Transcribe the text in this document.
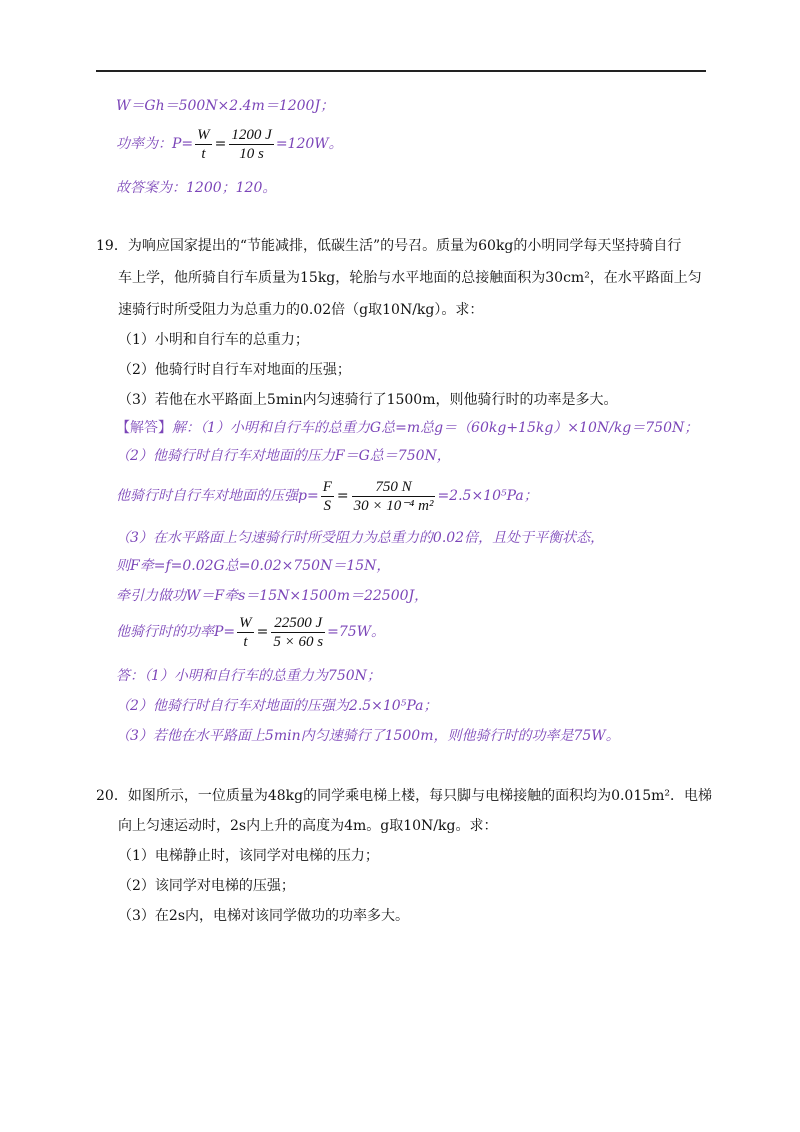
W＝Gh＝500N×2.4m＝1200J；
功率为：$P= \frac{W}{t} = \frac{1200 J}{10 s} =120W$。
故答案为：1200；120。
19．为响应国家提出的“节能减排，低碳生活”的号召。质量为60kg的小明同学每天坚持骑自行
车上学，他所骑自行车质量为15kg，轮胎与水平地面的总接触面积为30cm²，在水平路面上匀
速骑行时所受阻力为总重力的0.02倍（g取10N/kg）。求：
（1）小明和自行车的总重力；
（2）他骑行时自行车对地面的压强；
（3）若他在水平路面上5min内匀速骑行了1500m，则他骑行时的功率是多大。
【解答】解：（1）小明和自行车的总重力G总=m总g＝（60kg+15kg）×10N/kg＝750N；
（2）他骑行时自行车对地面的压力F＝G总＝750N，
他骑行时自行车对地面的压强$p= \frac{F}{S} = \frac{750 N}{\text{30 × 10⁻⁴ m²}} =2.5\times 10^5Pa$；
（3）在水平路面上匀速骑行时所受阻力为总重力的0.02倍，且处于平衡状态，
则F牵=f=0.02G总=0.02×750N＝15N，
牵引力做功W＝F牵s＝15N×1500m＝22500J，
他骑行时的功率$P= \frac{W}{t} = \frac{22500 J}{5 \times 60 s} =75W$。
答：（1）小明和自行车的总重力为750N；
（2）他骑行时自行车对地面的压强为2.5×10⁵Pa；
（3）若他在水平路面上5min内匀速骑行了1500m，则他骑行时的功率是75W。
20．如图所示，一位质量为48kg的同学乘电梯上楼，每只脚与电梯接触的面积均为0.015m²．电梯
向上匀速运动时，2s内上升的高度为4m。g取10N/kg。求：
（1）电梯静止时，该同学对电梯的压力；
（2）该同学对电梯的压强；
（3）在2s内，电梯对该同学做功的功率多大。
